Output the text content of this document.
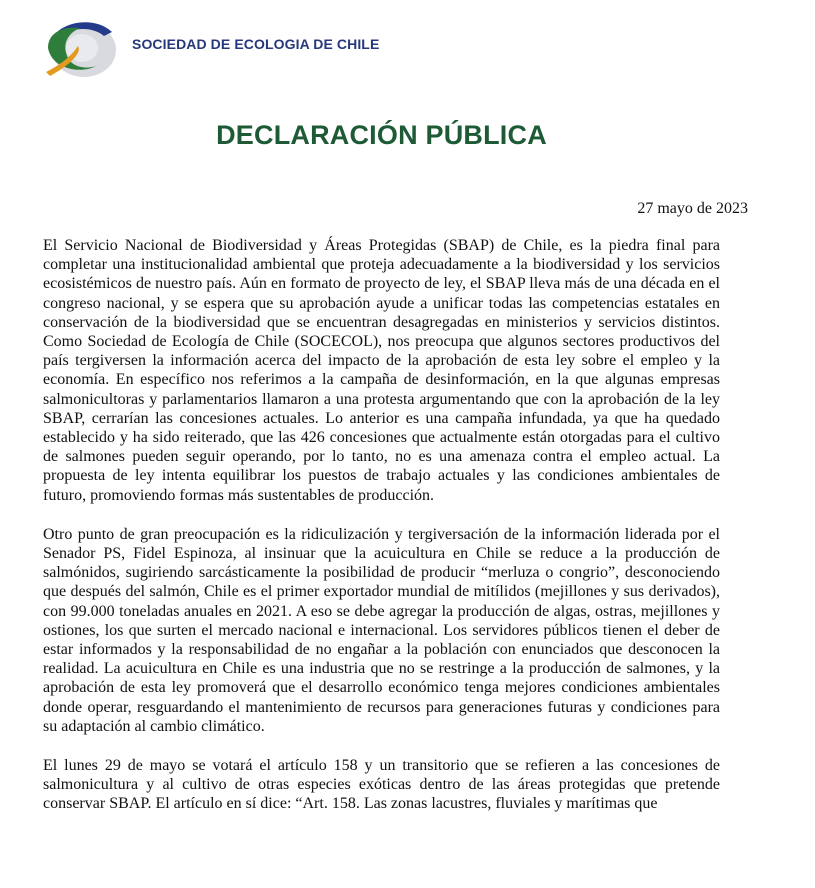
SOCIEDAD DE ECOLOGIA DE CHILE
DECLARACIÓN PÚBLICA
27 mayo de 2023

El Servicio Nacional de Biodiversidad y Áreas Protegidas (SBAP) de Chile, es la piedra final para completar una institucionalidad ambiental que proteja adecuadamente a la biodiversidad y los servicios ecosistémicos de nuestro país. Aún en formato de proyecto de ley, el SBAP lleva más de una década en el congreso nacional, y se espera que su aprobación ayude a unificar todas las competencias estatales en conservación de la biodiversidad que se encuentran desagregadas en ministerios y servicios distintos. Como Sociedad de Ecología de Chile (SOCECOL), nos preocupa que algunos sectores productivos del país tergiversen la información acerca del impacto de la aprobación de esta ley sobre el empleo y la economía. En específico nos referimos a la campaña de desinformación, en la que algunas empresas salmonicultoras y parlamentarios llamaron a una protesta argumentando que con la aprobación de la ley SBAP, cerrarían las concesiones actuales. Lo anterior es una campaña infundada, ya que ha quedado establecido y ha sido reiterado, que las 426 concesiones que actualmente están otorgadas para el cultivo de salmones pueden seguir operando, por lo tanto, no es una amenaza contra el empleo actual. La propuesta de ley intenta equilibrar los puestos de trabajo actuales y las condiciones ambientales de futuro, promoviendo formas más sustentables de producción.

Otro punto de gran preocupación es la ridiculización y tergiversación de la información liderada por el Senador PS, Fidel Espinoza, al insinuar que la acuicultura en Chile se reduce a la producción de salmónidos, sugiriendo sarcásticamente la posibilidad de producir “merluza o congrio”, desconociendo que después del salmón, Chile es el primer exportador mundial de mitílidos (mejillones y sus derivados), con 99.000 toneladas anuales en 2021. A eso se debe agregar la producción de algas, ostras, mejillones y ostiones, los que surten el mercado nacional e internacional. Los servidores públicos tienen el deber de estar informados y la responsabilidad de no engañar a la población con enunciados que desconocen la realidad. La acuicultura en Chile es una industria que no se restringe a la producción de salmones, y la aprobación de esta ley promoverá que el desarrollo económico tenga mejores condiciones ambientales donde operar, resguardando el mantenimiento de recursos para generaciones futuras y condiciones para su adaptación al cambio climático.

El lunes 29 de mayo se votará el artículo 158 y un transitorio que se refieren a las concesiones de salmonicultura y al cultivo de otras especies exóticas dentro de las áreas protegidas que pretende conservar SBAP. El artículo en sí dice: “Art. 158. Las zonas lacustres, fluviales y marítimas que
